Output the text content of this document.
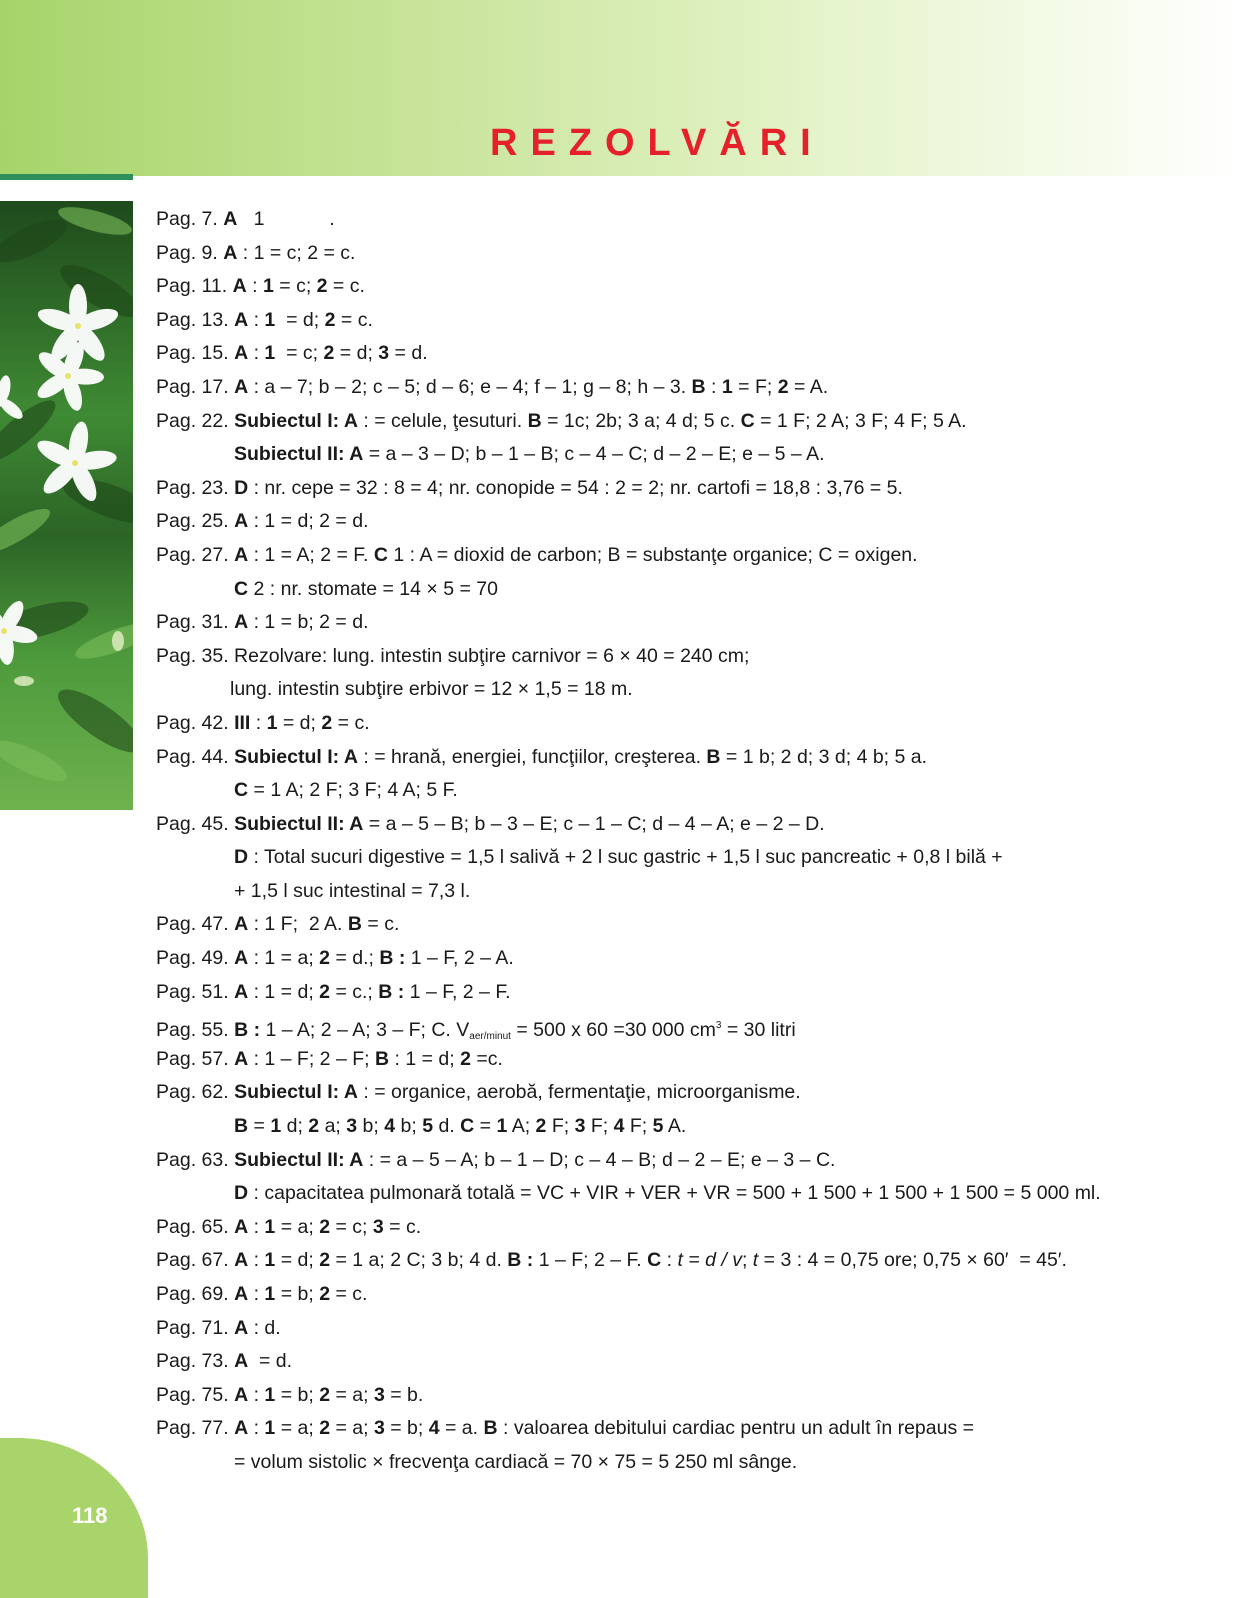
REZOLVĂRI
Pag. 7. A   1            .
Pag. 9. A : 1 = c; 2 = c.
Pag. 11. A : 1 = c; 2 = c.
Pag. 13. A : 1  = d; 2 = c.
Pag. 15. A : 1  = c; 2 = d; 3 = d.
Pag. 17. A : a – 7; b – 2; c – 5; d – 6; e – 4; f – 1; g – 8; h – 3. B : 1 = F; 2 = A.
Pag. 22. Subiectul I: A : = celule, ţesuturi. B = 1c; 2b; 3 a; 4 d; 5 c. C = 1 F; 2 A; 3 F; 4 F; 5 A.
Subiectul II: A = a – 3 – D; b – 1 – B; c – 4 – C; d – 2 – E; e – 5 – A.
Pag. 23. D : nr. cepe = 32 : 8 = 4; nr. conopide = 54 : 2 = 2; nr. cartofi = 18,8 : 3,76 = 5.
Pag. 25. A : 1 = d; 2 = d.
Pag. 27. A : 1 = A; 2 = F. C 1 : A = dioxid de carbon; B = substanţe organice; C = oxigen.
C 2 : nr. stomate = 14 × 5 = 70
Pag. 31. A : 1 = b; 2 = d.
Pag. 35. Rezolvare: lung. intestin subţire carnivor = 6 × 40 = 240 cm;
lung. intestin subţire erbivor = 12 × 1,5 = 18 m.
Pag. 42. III : 1 = d; 2 = c.
Pag. 44. Subiectul I: A : = hrană, energiei, funcţiilor, creşterea. B = 1 b; 2 d; 3 d; 4 b; 5 a.
C = 1 A; 2 F; 3 F; 4 A; 5 F.
Pag. 45. Subiectul II: A = a – 5 – B; b – 3 – E; c – 1 – C; d – 4 – A; e – 2 – D.
D : Total sucuri digestive = 1,5 l salivă + 2 l suc gastric + 1,5 l suc pancreatic + 0,8 l bilă +
+ 1,5 l suc intestinal = 7,3 l.
Pag. 47. A : 1 F;  2 A. B = c.
Pag. 49. A : 1 = a; 2 = d.; B : 1 – F, 2 – A.
Pag. 51. A : 1 = d; 2 = c.; B : 1 – F, 2 – F.
Pag. 55. B : 1 – A; 2 – A; 3 – F; C. $V_{aer/minut} = 500$ x 60 =30 000 $cm^3 = 30$ litri
Pag. 57. A : 1 – F; 2 – F; B : 1 = d; 2 =c.
Pag. 62. Subiectul I: A : = organice, aerobă, fermentaţie, microorganisme.
B = 1 d; 2 a; 3 b; 4 b; 5 d. C = 1 A; 2 F; 3 F; 4 F; 5 A.
Pag. 63. Subiectul II: A : = a – 5 – A; b – 1 – D; c – 4 – B; d – 2 – E; e – 3 – C.
D : capacitatea pulmonară totală = VC + VIR + VER + VR = 500 + 1 500 + 1 500 + 1 500 = 5 000 ml.
Pag. 65. A : 1 = a; 2 = c; 3 = c.
Pag. 67. A : 1 = d; 2 = 1 a; 2 C; 3 b; 4 d. B : 1 – F; 2 – F. C : t = d / v; t = 3 : 4 = 0,75 ore; 0,75 × 60′  = 45′.
Pag. 69. A : 1 = b; 2 = c.
Pag. 71. A : d.
Pag. 73. A  = d.
Pag. 75. A : 1 = b; 2 = a; 3 = b.
Pag. 77. A : 1 = a; 2 = a; 3 = b; 4 = a. B : valoarea debitului cardiac pentru un adult în repaus =
= volum sistolic × frecvenţa cardiacă = 70 × 75 = 5 250 ml sânge.
118
